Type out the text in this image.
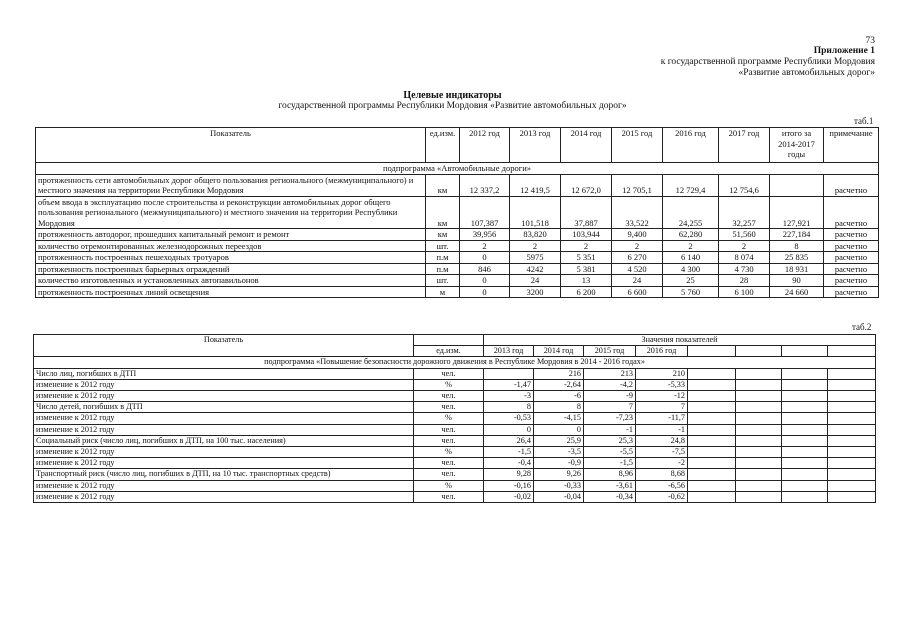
73
Приложение 1
к государственной программе Республики Мордовия
«Развитие автомобильных дорог»
Целевые индикаторы
государственной программы Республики Мордовия «Развитие автомобильных дорог»
таб.1
Показатель	ед.изм.	2012 год	2013 год	2014 год	2015 год	2016 год	2017 год	итого за 2014-2017 годы	примечание
подпрограмма «Автомобильные дороги»									
протяженность сети автомобильных дорог общего пользования регионального (межмуниципального) и местного значения на территории Республики Мордовия	км	12 337,2	12 419,5	12 672,0	12 705,1	12 729,4	12 754,6		расчетно
объем ввода в эксплуатацию после строительства и реконструкции автомобильных дорог общего пользования регионального (межмуниципального) и местного значения на территории Республики Мордовия	км	107,387	101,518	37,887	33,522	24,255	32,257	127,921	расчетно
протяженность автодорог, прошедших капитальный ремонт и ремонт	км	39,956	83,820	103,944	9,400	62,280	51,560	227,184	расчетно
количество отремонтированных железнодорожных переездов	шт.	2	2	2	2	2	2	8	расчетно
протяженность построенных пешеходных тротуаров	п.м	0	5975	5 351	6 270	6 140	8 074	25 835	расчетно
протяженность построенных барьерных ограждений	п.м	846	4242	5 381	4 520	4 300	4 730	18 931	расчетно
количество изготовленных и установленных автопавильонов	шт.	0	24	13	24	25	28	90	расчетно
протяженность построенных линий освещения	м	0	3200	6 200	6 600	5 760	6 100	24 660	расчетно
таб.2
Показатель		Значения показателей							
	ед.изм.	2013 год	2014 год	2015 год	2016 год				
подпрограмма «Повышение безопасности дорожного движения в Республике Мордовия в 2014 - 2016 годах»									
Число лиц, погибших в ДТП	чел.		216	213	210				
изменение к 2012 году	%	-1,47	-2,64	-4,2	-5,33				
изменение к 2012 году	чел.	-3	-6	-9	-12				
Число детей, погибших в ДТП	чел.	8	8	7	7				
изменение к 2012 году	%	-0,53	-4,15	-7,23	-11,7				
изменение к 2012 году	чел.	0	0	-1	-1				
Социальный риск (число лиц, погибших в ДТП, на 100 тыс. населения)	чел.	26,4	25,9	25,3	24,8				
изменение к 2012 году	%	-1,5	-3,5	-5,5	-7,5				
изменение к 2012 году	чел.	-0,4	-0,9	-1,5	-2				
Транспортный риск (число лиц, погибших в ДТП, на 10 тыс. транспортных средств)	чел.	9,28	9,26	8,96	8,68				
изменение к 2012 году	%	-0,16	-0,33	-3,61	-6,56				
изменение к 2012 году	чел.	-0,02	-0,04	-0,34	-0,62				
